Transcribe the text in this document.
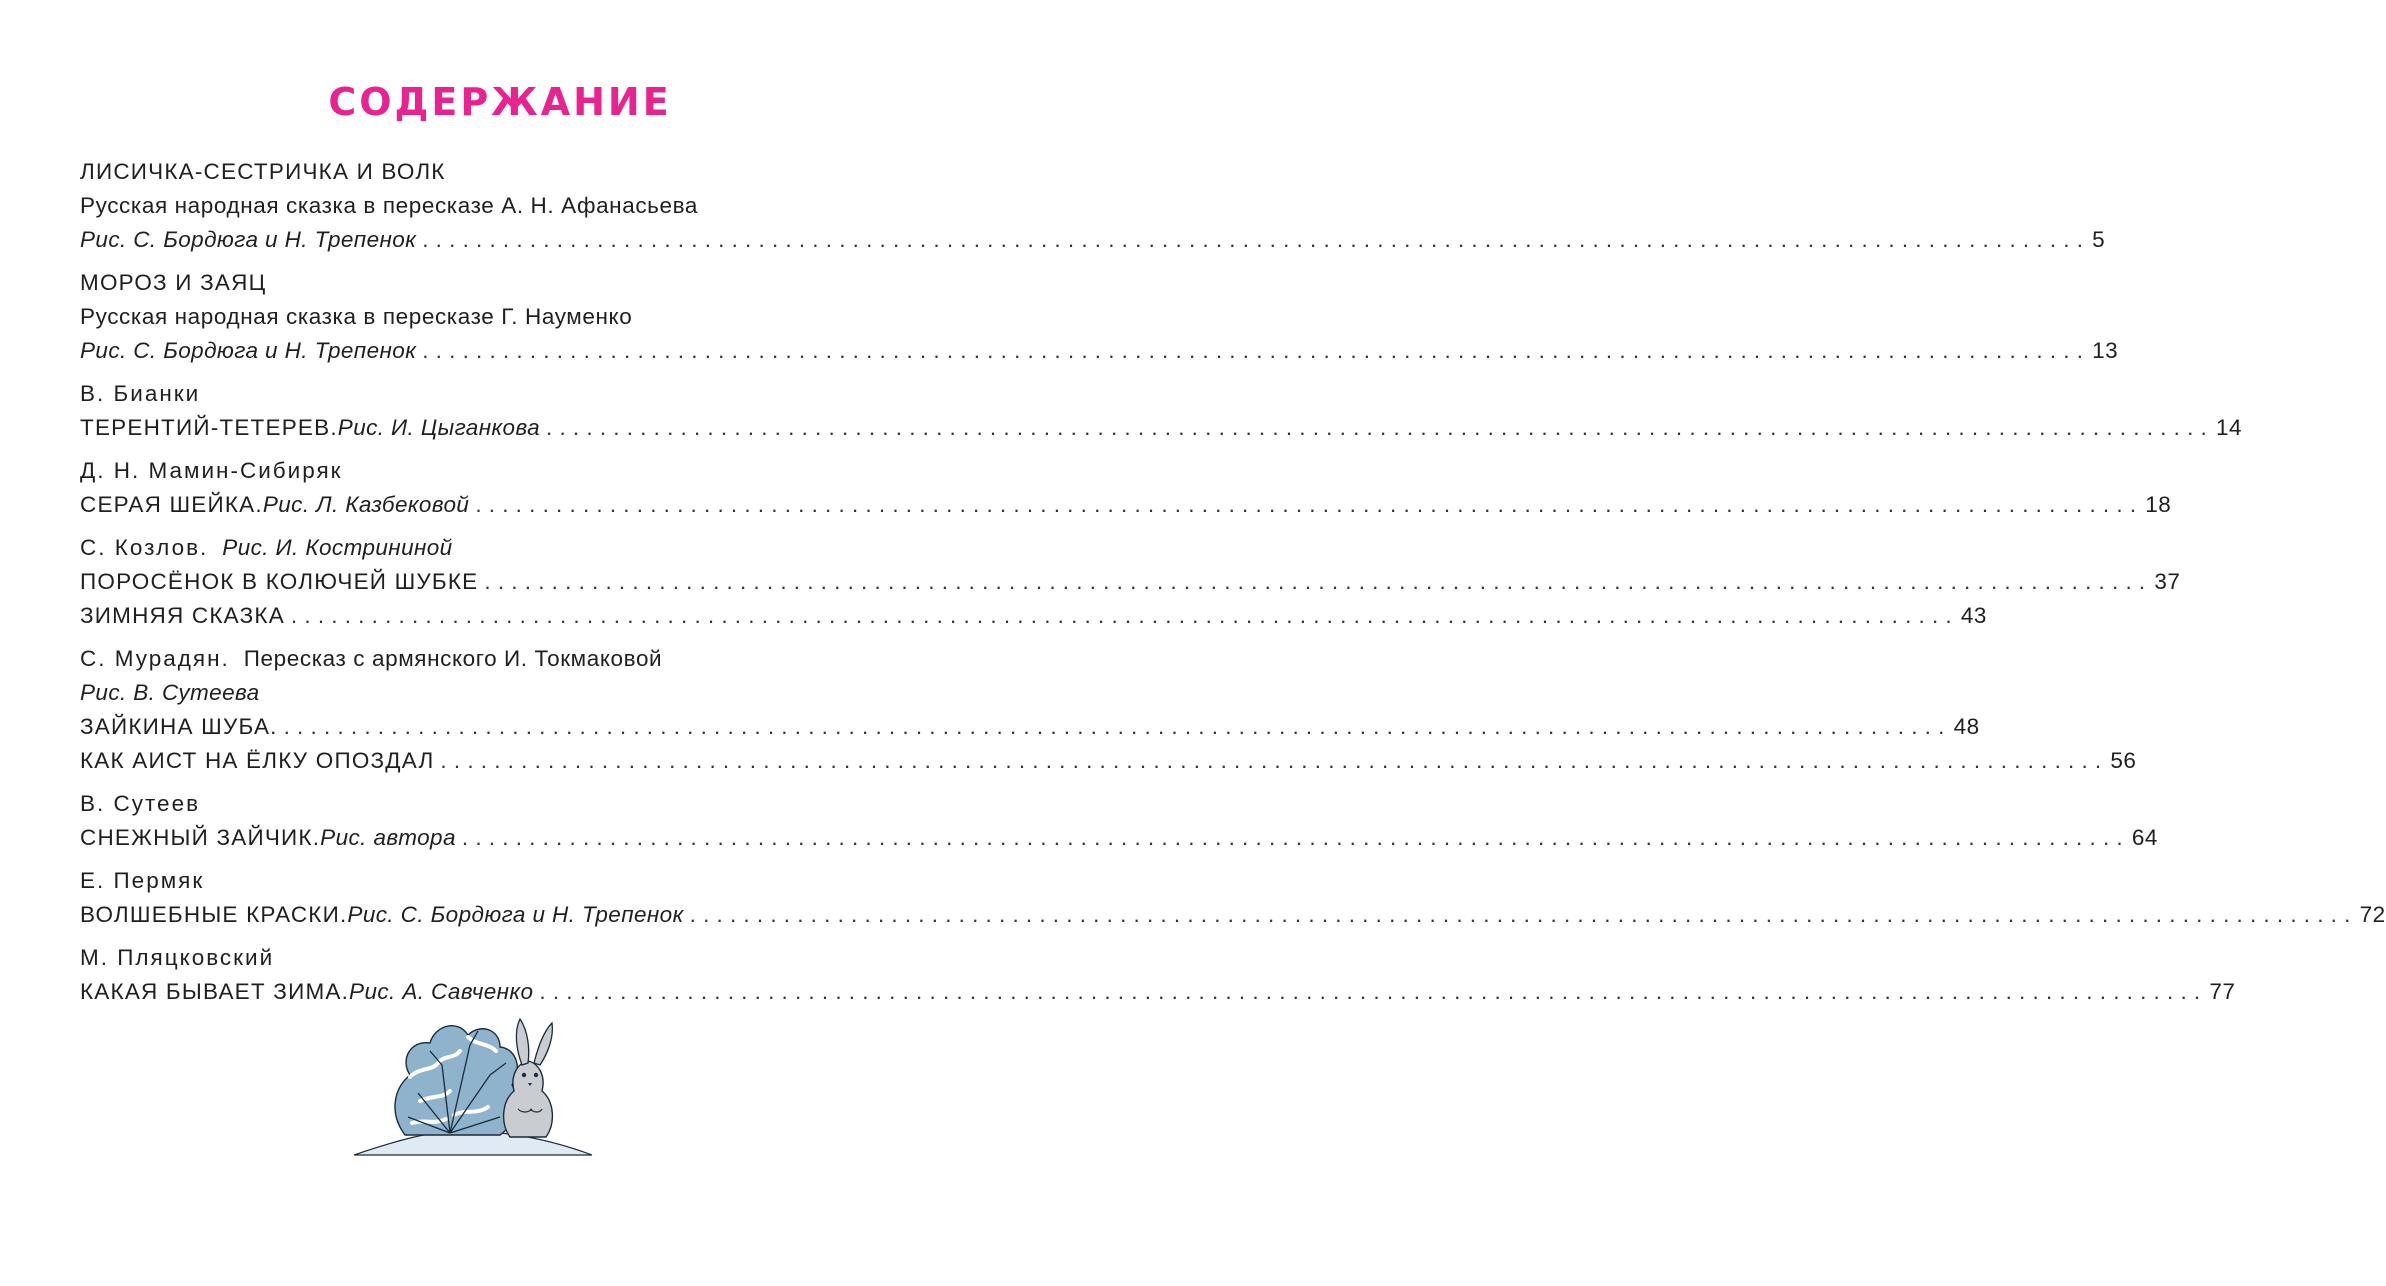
СОДЕРЖАНИЕ
ЛИСИЧКА-СЕСТРИЧКА И ВОЛК
Русская народная сказка в пересказе А. Н. Афанасьева
Рис. С. Бордюга и Н. Трепенок ............................................................................................................................ 5
МОРОЗ И ЗАЯЦ
Русская народная сказка в пересказе Г. Науменко
Рис. С. Бордюга и Н. Трепенок ............................................................................................................................ 13
В. Бианки
ТЕРЕНТИЙ-ТЕТЕРЕВ. Рис. И. Цыганкова ............................................................................................................................ 14
Д. Н. Мамин-Сибиряк
СЕРАЯ ШЕЙКА. Рис. Л. Казбековой ............................................................................................................................ 18
С. Козлов. Рис. И. Кострининой
ПОРОСЁНОК В КОЛЮЧЕЙ ШУБКЕ ............................................................................................................................ 37
ЗИМНЯЯ СКАЗКА ............................................................................................................................ 43
С. Мурадян. Пересказ с армянского И. Токмаковой
Рис. В. Сутеева
ЗАЙКИНА ШУБА. ............................................................................................................................ 48
КАК АИСТ НА ЁЛКУ ОПОЗДАЛ ............................................................................................................................ 56
В. Сутеев
СНЕЖНЫЙ ЗАЙЧИК. Рис. автора ............................................................................................................................ 64
Е. Пермяк
ВОЛШЕБНЫЕ КРАСКИ. Рис. С. Бордюга и Н. Трепенок ............................................................................................................................ 72
М. Пляцковский
КАКАЯ БЫВАЕТ ЗИМА. Рис. А. Савченко ............................................................................................................................ 77
